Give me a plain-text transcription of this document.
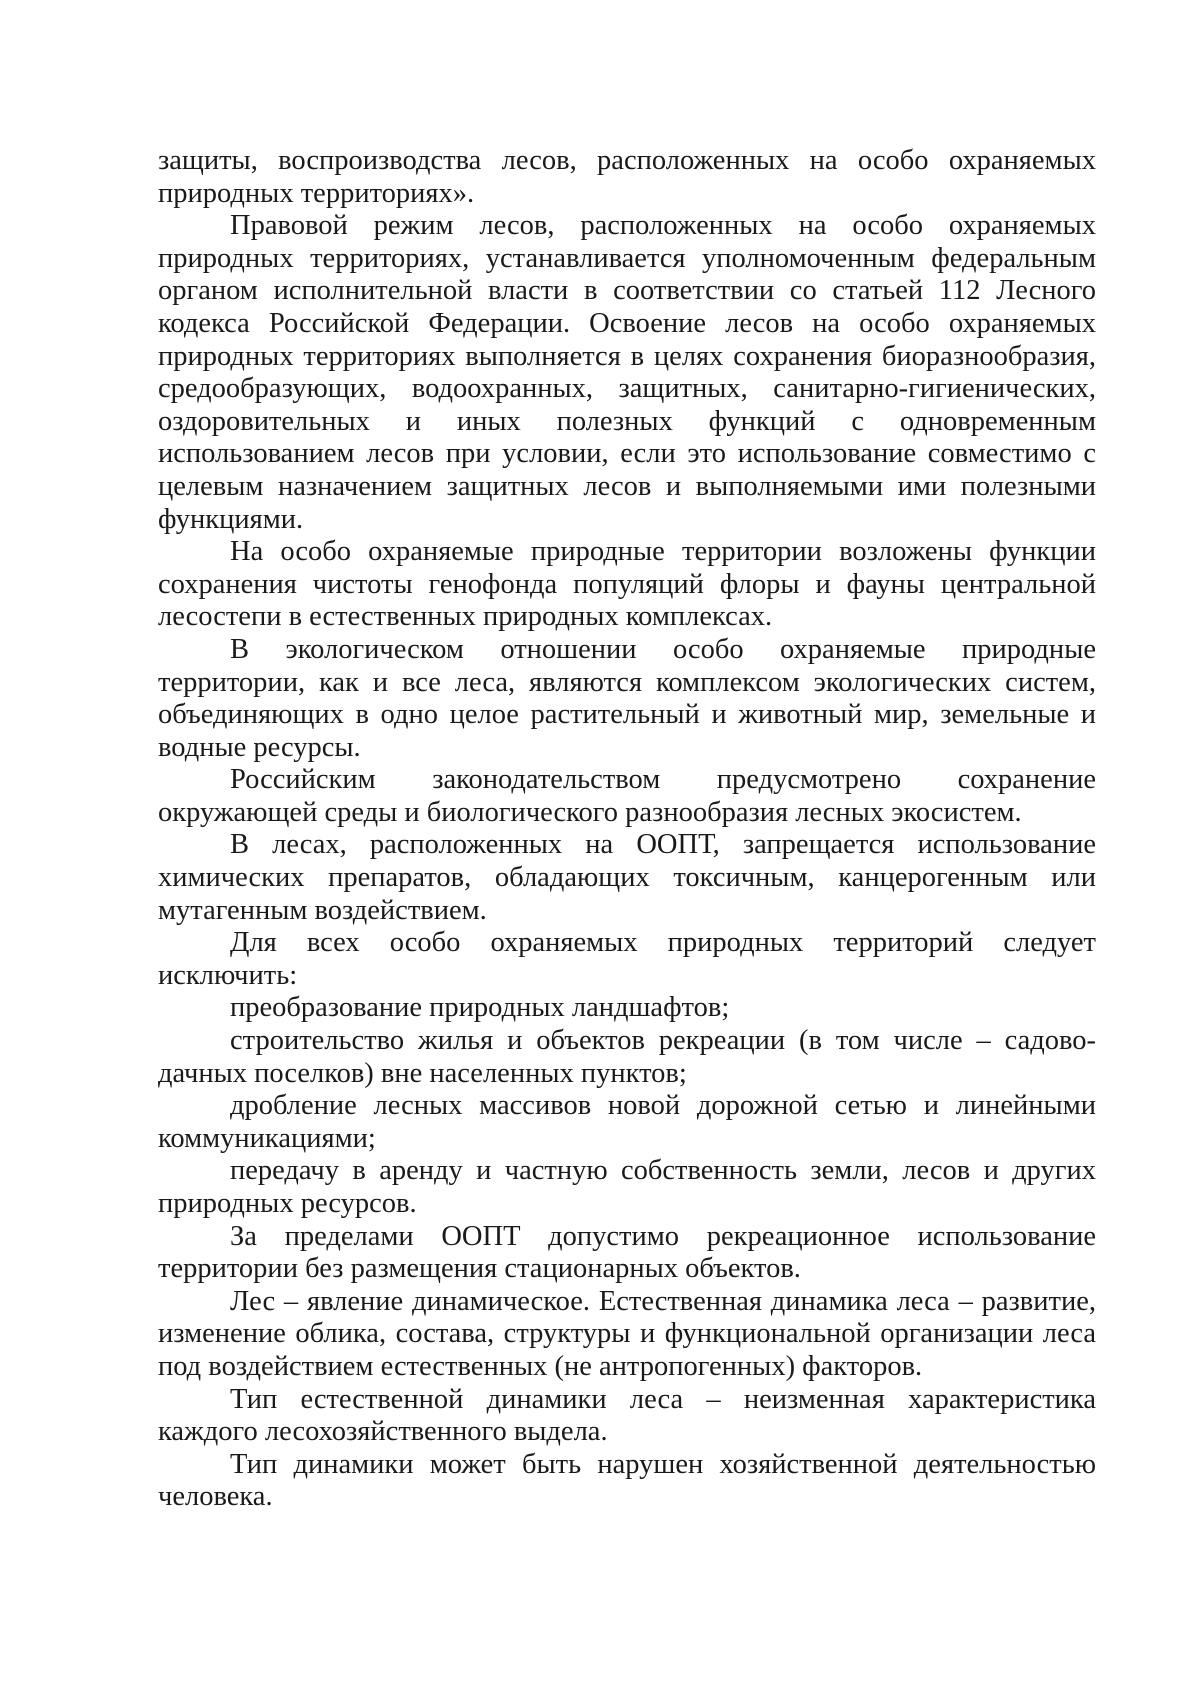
защиты, воспроизводства лесов, расположенных на особо охраняемых природных территориях».

Правовой режим лесов, расположенных на особо охраняемых природных территориях, устанавливается уполномоченным федеральным органом исполнительной власти в соответствии со статьей 112 Лесного кодекса Российской Федерации. Освоение лесов на особо охраняемых природных территориях выполняется в целях сохранения биоразнообразия, средообразующих, водоохранных, защитных, санитарно-гигиенических, оздоровительных и иных полезных функций с одновременным использованием лесов при условии, если это использование совместимо с целевым назначением защитных лесов и выполняемыми ими полезными функциями.

На особо охраняемые природные территории возложены функции сохранения чистоты генофонда популяций флоры и фауны центральной лесостепи в естественных природных комплексах.

В экологическом отношении особо охраняемые природные территории, как и все леса, являются комплексом экологических систем, объединяющих в одно целое растительный и животный мир, земельные и водные ресурсы.

Российским законодательством предусмотрено сохранение окружающей среды и биологического разнообразия лесных экосистем.

В лесах, расположенных на ООПТ, запрещается использование химических препаратов, обладающих токсичным, канцерогенным или мутагенным воздействием.

Для всех особо охраняемых природных территорий следует исключить:

преобразование природных ландшафтов;

строительство жилья и объектов рекреации (в том числе – садово-дачных поселков) вне населенных пунктов;

дробление лесных массивов новой дорожной сетью и линейными коммуникациями;

передачу в аренду и частную собственность земли, лесов и других природных ресурсов.

За пределами ООПТ допустимо рекреационное использование территории без размещения стационарных объектов.

Лес – явление динамическое. Естественная динамика леса – развитие, изменение облика, состава, структуры и функциональной организации леса под воздействием естественных (не антропогенных) факторов.

Тип естественной динамики леса – неизменная характеристика каждого лесохозяйственного выдела.

Тип динамики может быть нарушен хозяйственной деятельностью человека.
